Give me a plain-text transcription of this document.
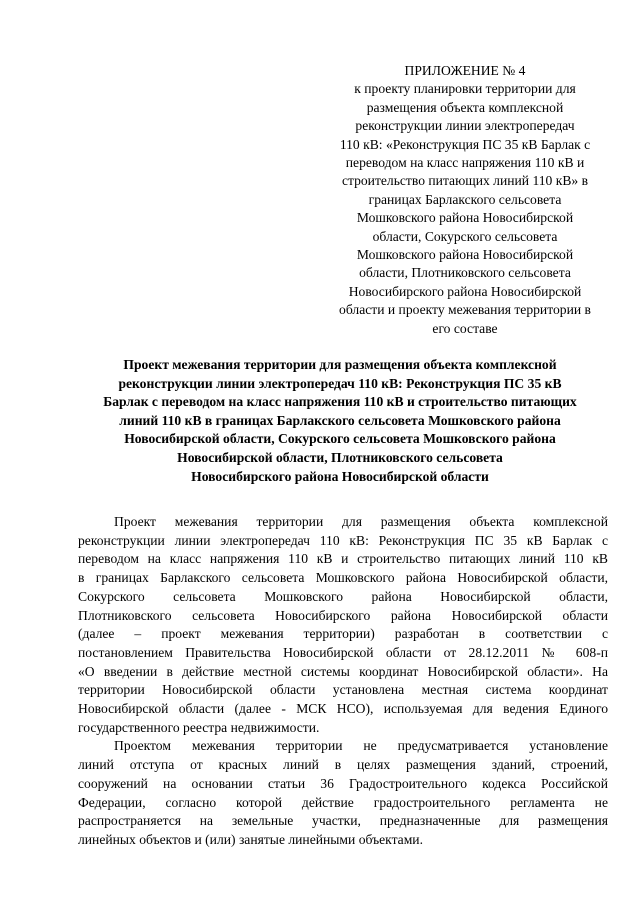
ПРИЛОЖЕНИЕ № 4
к проекту планировки территории для
размещения объекта комплексной
реконструкции линии электропередач
110 кВ: «Реконструкция ПС 35 кВ Барлак с
переводом на класс напряжения 110 кВ и
строительство питающих линий 110 кВ» в
границах Барлакского сельсовета
Мошковского района Новосибирской
области, Сокурского сельсовета
Мошковского района Новосибирской
области, Плотниковского сельсовета
Новосибирского района Новосибирской
области и проекту межевания территории в
его составе
Проект межевания территории для размещения объекта комплексной
реконструкции линии электропередач 110 кВ: Реконструкция ПС 35 кВ
Барлак с переводом на класс напряжения 110 кВ и строительство питающих
линий 110 кВ в границах Барлакского сельсовета Мошковского района
Новосибирской области, Сокурского сельсовета Мошковского района
Новосибирской области, Плотниковского сельсовета
Новосибирского района Новосибирской области
Проект межевания территории для размещения объекта комплексной
реконструкции линии электропередач 110 кВ: Реконструкция ПС 35 кВ Барлак с
переводом на класс напряжения 110 кВ и строительство питающих линий 110 кВ
в границах Барлакского сельсовета Мошковского района Новосибирской области,
Сокурского сельсовета Мошковского района Новосибирской области,
Плотниковского сельсовета Новосибирского района Новосибирской области
(далее – проект межевания территории) разработан в соответствии с
постановлением Правительства Новосибирской области от 28.12.2011 № 608-п
«О введении в действие местной системы координат Новосибирской области». На
территории Новосибирской области установлена местная система координат
Новосибирской области (далее - МСК НСО), используемая для ведения Единого
государственного реестра недвижимости.
Проектом межевания территории не предусматривается установление
линий отступа от красных линий в целях размещения зданий, строений,
сооружений на основании статьи 36 Градостроительного кодекса Российской
Федерации, согласно которой действие градостроительного регламента не
распространяется на земельные участки, предназначенные для размещения
линейных объектов и (или) занятые линейными объектами.
